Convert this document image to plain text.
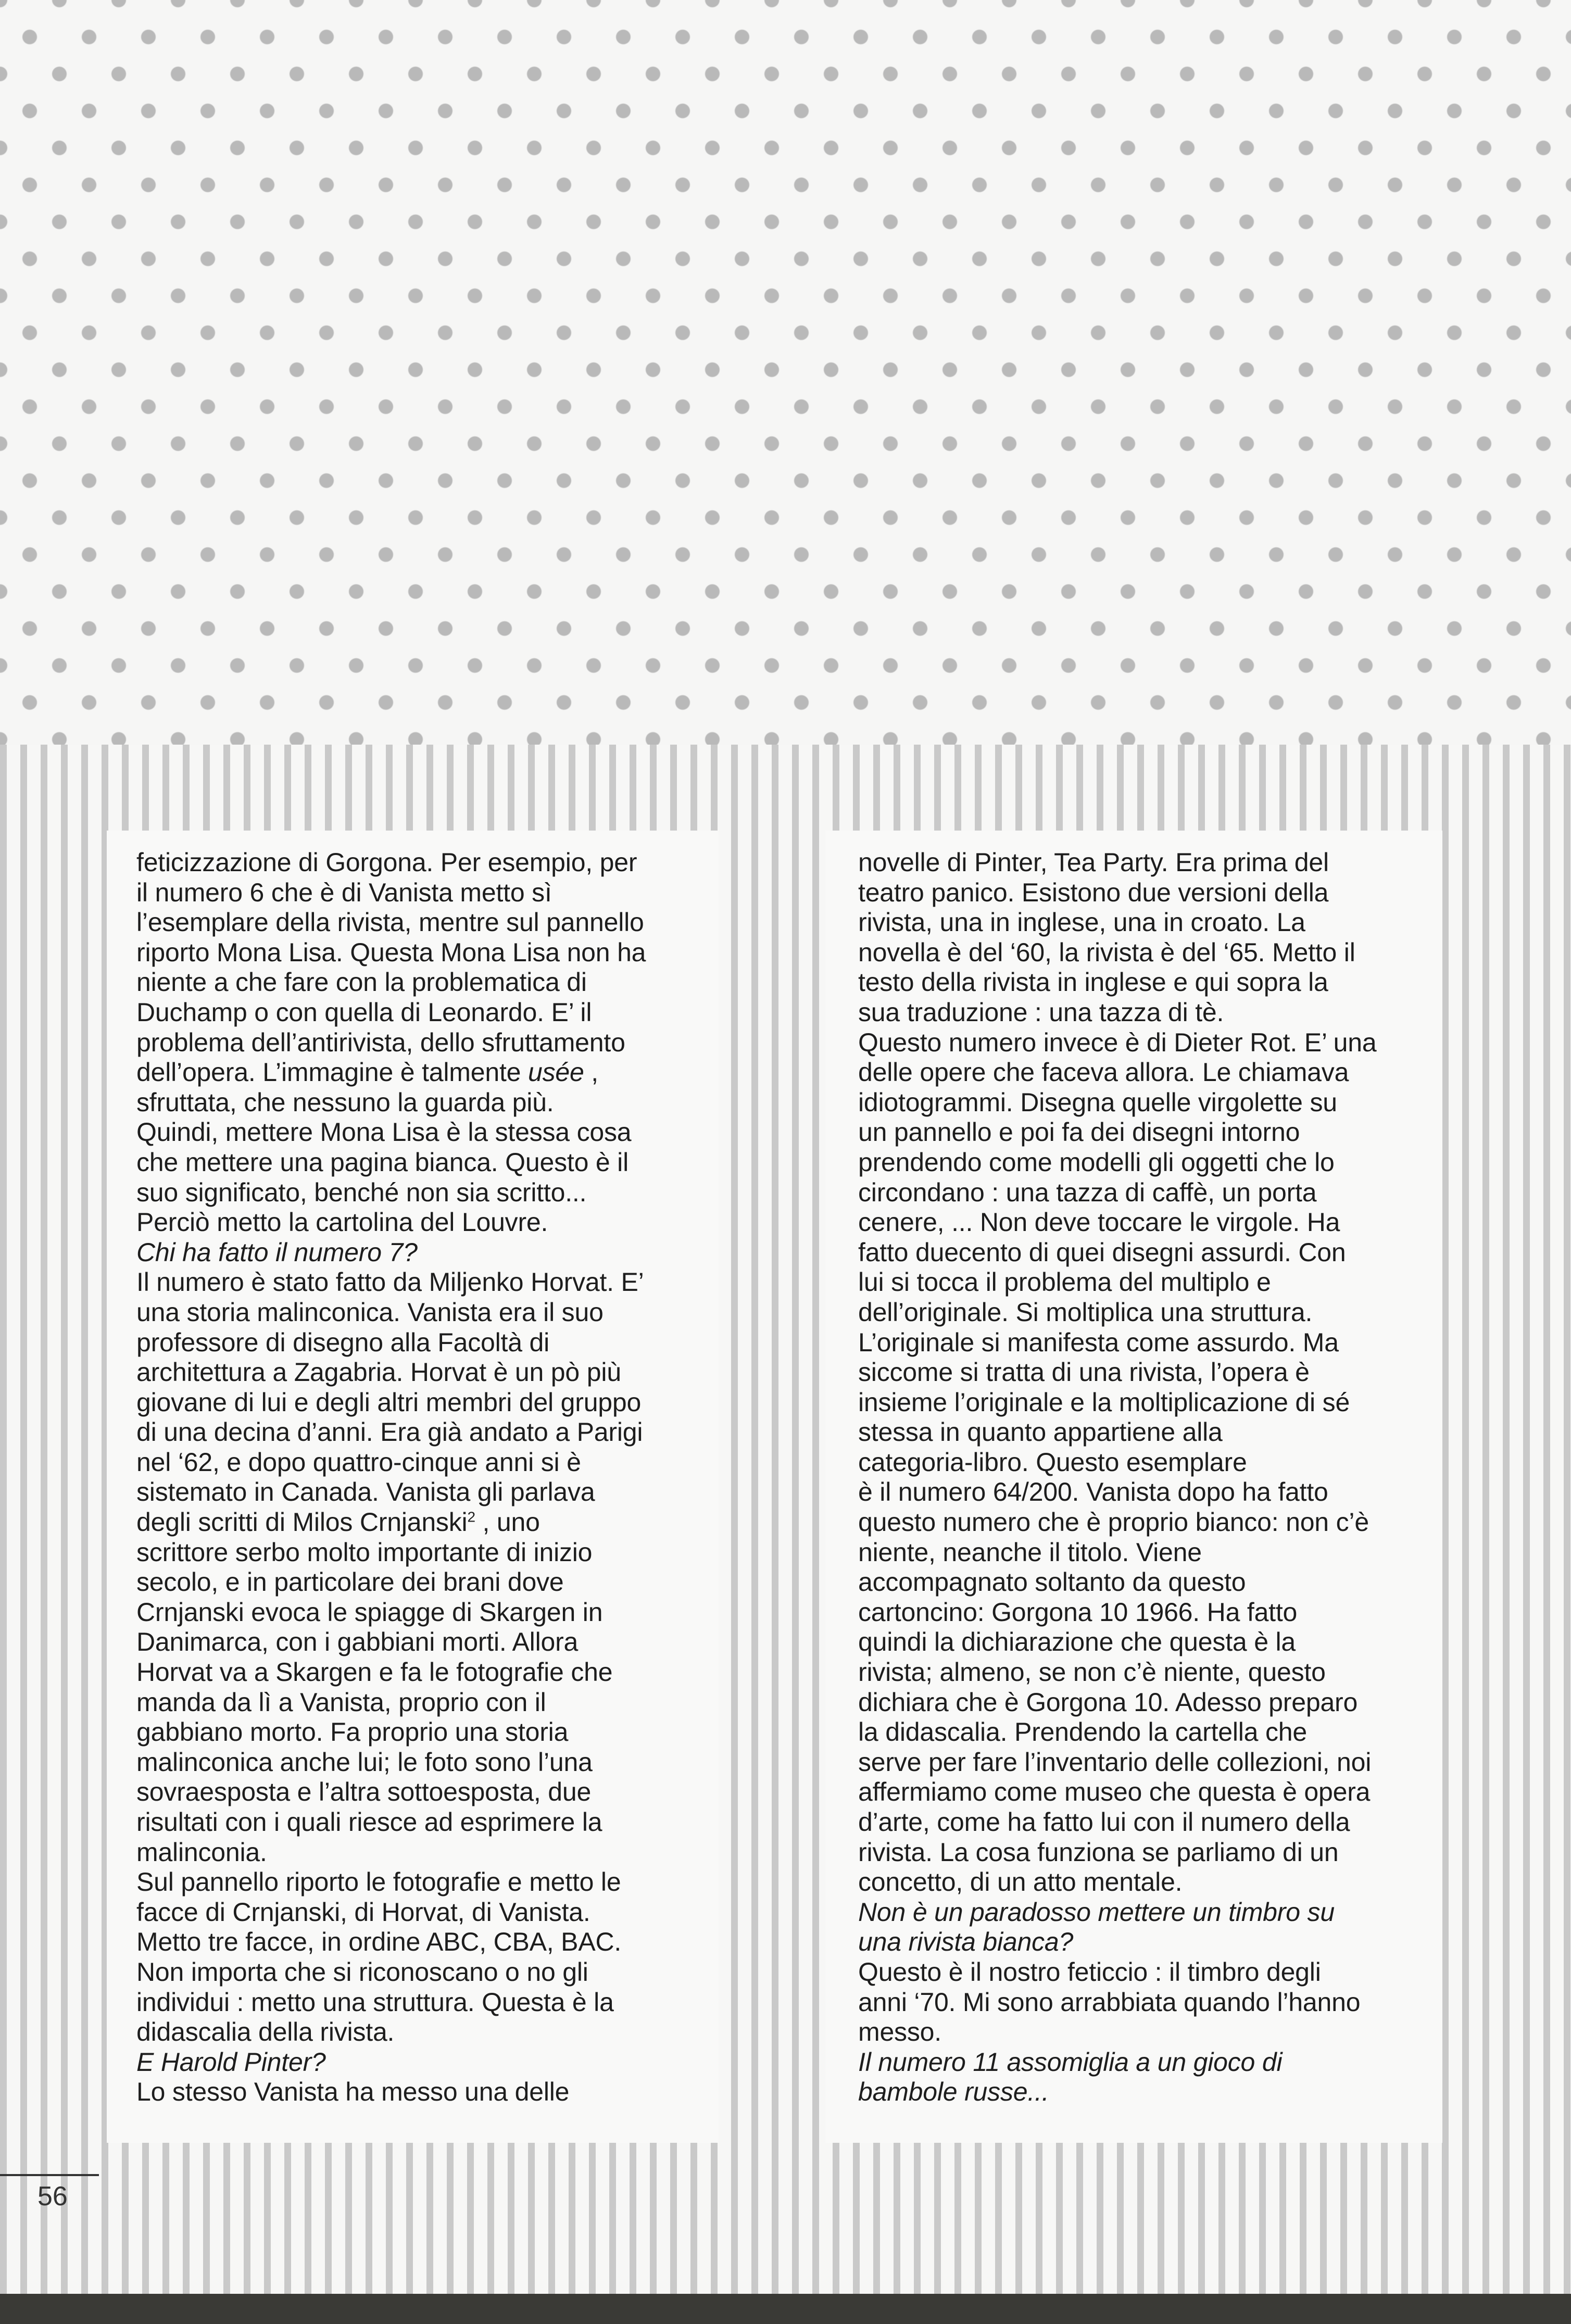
feticizzazione di Gorgona. Per esempio, per
il numero 6 che è di Vanista metto sì
l’esemplare della rivista, mentre sul pannello
riporto Mona Lisa. Questa Mona Lisa non ha
niente a che fare con la problematica di
Duchamp o con quella di Leonardo. E’ il
problema dell’antirivista, dello sfruttamento
dell’opera. L’immagine è talmente usée ,
sfruttata, che nessuno la guarda più.
Quindi, mettere Mona Lisa è la stessa cosa
che mettere una pagina bianca. Questo è il
suo significato, benché non sia scritto...
Perciò metto la cartolina del Louvre.
Chi ha fatto il numero 7?
Il numero è stato fatto da Miljenko Horvat. E’
una storia malinconica. Vanista era il suo
professore di disegno alla Facoltà di
architettura a Zagabria. Horvat è un pò più
giovane di lui e degli altri membri del gruppo
di una decina d’anni. Era già andato a Parigi
nel ‘62, e dopo quattro-cinque anni si è
sistemato in Canada. Vanista gli parlava
degli scritti di Milos Crnjanski$^2$ , uno
scrittore serbo molto importante di inizio
secolo, e in particolare dei brani dove
Crnjanski evoca le spiagge di Skargen in
Danimarca, con i gabbiani morti. Allora
Horvat va a Skargen e fa le fotografie che
manda da lì a Vanista, proprio con il
gabbiano morto. Fa proprio una storia
malinconica anche lui; le foto sono l’una
sovraesposta e l’altra sottoesposta, due
risultati con i quali riesce ad esprimere la
malinconia.
Sul pannello riporto le fotografie e metto le
facce di Crnjanski, di Horvat, di Vanista.
Metto tre facce, in ordine ABC, CBA, BAC.
Non importa che si riconoscano o no gli
individui : metto una struttura. Questa è la
didascalia della rivista.
E Harold Pinter?
Lo stesso Vanista ha messo una delle
novelle di Pinter, Tea Party. Era prima del
teatro panico. Esistono due versioni della
rivista, una in inglese, una in croato. La
novella è del ‘60, la rivista è del ‘65. Metto il
testo della rivista in inglese e qui sopra la
sua traduzione : una tazza di tè.
Questo numero invece è di Dieter Rot. E’ una
delle opere che faceva allora. Le chiamava
idiotogrammi. Disegna quelle virgolette su
un pannello e poi fa dei disegni intorno
prendendo come modelli gli oggetti che lo
circondano : una tazza di caffè, un porta
cenere, ... Non deve toccare le virgole. Ha
fatto duecento di quei disegni assurdi. Con
lui si tocca il problema del multiplo e
dell’originale. Si moltiplica una struttura.
L’originale si manifesta come assurdo. Ma
siccome si tratta di una rivista, l’opera è
insieme l’originale e la moltiplicazione di sé
stessa in quanto appartiene alla
categoria-libro. Questo esemplare
è il numero 64/200. Vanista dopo ha fatto
questo numero che è proprio bianco: non c’è
niente, neanche il titolo. Viene
accompagnato soltanto da questo
cartoncino: Gorgona 10 1966. Ha fatto
quindi la dichiarazione che questa è la
rivista; almeno, se non c’è niente, questo
dichiara che è Gorgona 10. Adesso preparo
la didascalia. Prendendo la cartella che
serve per fare l’inventario delle collezioni, noi
affermiamo come museo che questa è opera
d’arte, come ha fatto lui con il numero della
rivista. La cosa funziona se parliamo di un
concetto, di un atto mentale.
Non è un paradosso mettere un timbro su
una rivista bianca?
Questo è il nostro feticcio : il timbro degli
anni ‘70. Mi sono arrabbiata quando l’hanno
messo.
Il numero 11 assomiglia a un gioco di
bambole russe...
56
